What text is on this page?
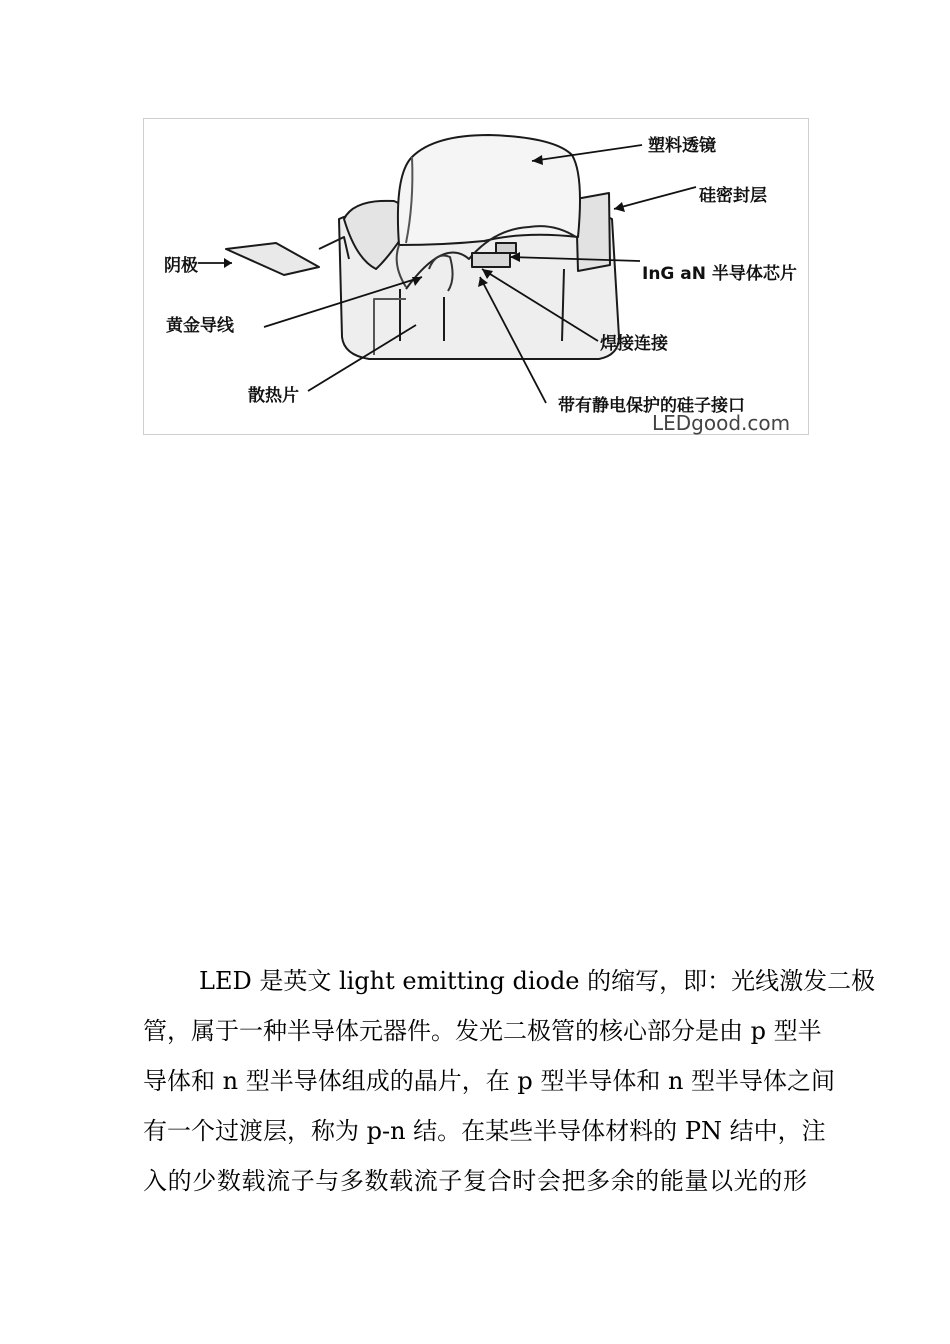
塑料透镜
硅密封层
阴极	InG aN 半导体芯片
黄金导线
焊接连接
散热片	带有静电保护的硅子接口
LEDgood.com
LED 是英文 light emitting diode 的缩写，即：光线激发二极
管，属于一种半导体元器件。发光二极管的核心部分是由 p 型半
导体和 n 型半导体组成的晶片，在 p 型半导体和 n 型半导体之间
有一个过渡层，称为 p-n 结。在某些半导体材料的 PN 结中，注
入的少数载流子与多数载流子复合时会把多余的能量以光的形
